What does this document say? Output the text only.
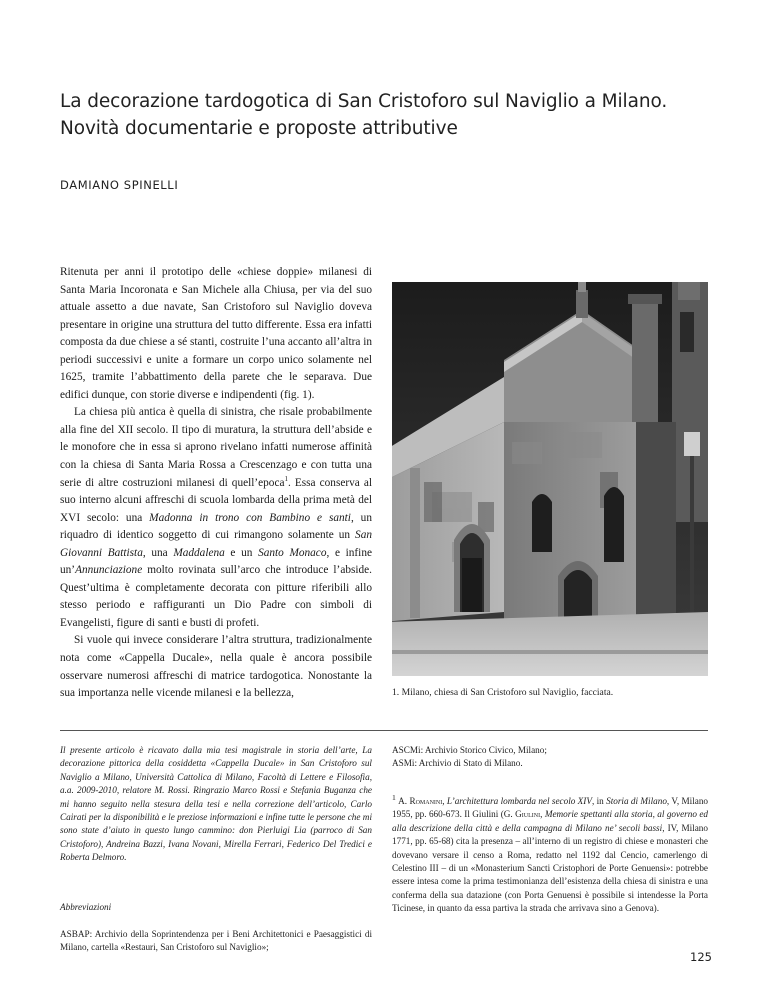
La decorazione tardogotica di San Cristoforo sul Naviglio a Milano.
Novità documentarie e proposte attributive
DAMIANO SPINELLI

Ritenuta per anni il prototipo delle «chiese doppie» milanesi di Santa Maria Incoronata e San Michele alla Chiusa, per via del suo attuale assetto a due navate, San Cristoforo sul Naviglio doveva presentare in origine una struttura del tutto differente. Essa era infatti composta da due chiese a sé stanti, costruite l’una accanto all’altra in periodi successivi e unite a formare un corpo unico solamente nel 1625, tramite l’abbattimento della parete che le separava. Due edifici dunque, con storie diverse e indipendenti (fig. 1).

La chiesa più antica è quella di sinistra, che risale probabilmente alla fine del XII secolo. Il tipo di muratura, la struttura dell’abside e le monofore che in essa si aprono rivelano infatti numerose affinità con la chiesa di Santa Maria Rossa a Crescenzago e con tutta una serie di altre costruzioni milanesi di quell’epoca$^1$. Essa conserva al suo interno alcuni affreschi di scuola lombarda della prima metà del XVI secolo: una Madonna in trono con Bambino e santi, un riquadro di identico soggetto di cui rimangono solamente un San Giovanni Battista, una Maddalena e un Santo Monaco, e infine un’Annunciazione molto rovinata sull’arco che introduce l’abside. Quest’ultima è completamente decorata con pitture riferibili allo stesso periodo e raffiguranti un Dio Padre con simboli di Evangelisti, figure di santi e busti di profeti.

Si vuole qui invece considerare l’altra struttura, tradizionalmente nota come «Cappella Ducale», nella quale è ancora possibile osservare numerosi affreschi di matrice tardogotica. Nonostante la sua importanza nelle vicende milanesi e la bellezza,	1. Milano, chiesa di San Cristoforo sul Naviglio, facciata.

Il presente articolo è ricavato dalla mia tesi magistrale in storia dell’arte, La decorazione pittorica della cosiddetta «Cappella Ducale» in San Cristoforo sul Naviglio a Milano, Università Cattolica di Milano, Facoltà di Lettere e Filosofia, a.a. 2009-2010, relatore M. Rossi. Ringrazio Marco Rossi e Stefania Buganza che mi hanno seguito nella stesura della tesi e nella correzione dell’articolo, Carlo Cairati per la disponibilità e le preziose informazioni e infine tutte le persone che mi sono state d’aiuto in questo lungo cammino: don Pierluigi Lia (parroco di San Cristoforo), Andreina Bazzi, Ivana Novani, Mirella Ferrari, Federico Del Tredici e Roberta Delmoro.

Abbreviazioni

ASBAP: Archivio della Soprintendenza per i Beni Architettonici e Paesaggistici di Milano, cartella «Restauri, San Cristoforo sul Naviglio»;

ASCMi: Archivio Storico Civico, Milano;

ASMi: Archivio di Stato di Milano.

$^1$ A. Romanini, L’architettura lombarda nel secolo XIV, in Storia di Milano, V, Milano 1955, pp. 660-673. Il Giulini (G. Giulini, Memorie spettanti alla storia, al governo ed alla descrizione della città e della campagna di Milano ne’ secoli bassi, IV, Milano 1771, pp. 65-68) cita la presenza – all’interno di un registro di chiese e monasteri che dovevano versare il censo a Roma, redatto nel 1192 dal Cencio, camerlengo di Celestino III – di un «Monasterium Sancti Cristophori de Porte Genuensi»: potrebbe essere intesa come la prima testimonianza dell’esistenza della chiesa di sinistra e una conferma della sua datazione (con Porta Genuensi è possibile si intendesse la Porta Ticinese, in quanto da essa partiva la strada che arrivava sino a Genova).

125
